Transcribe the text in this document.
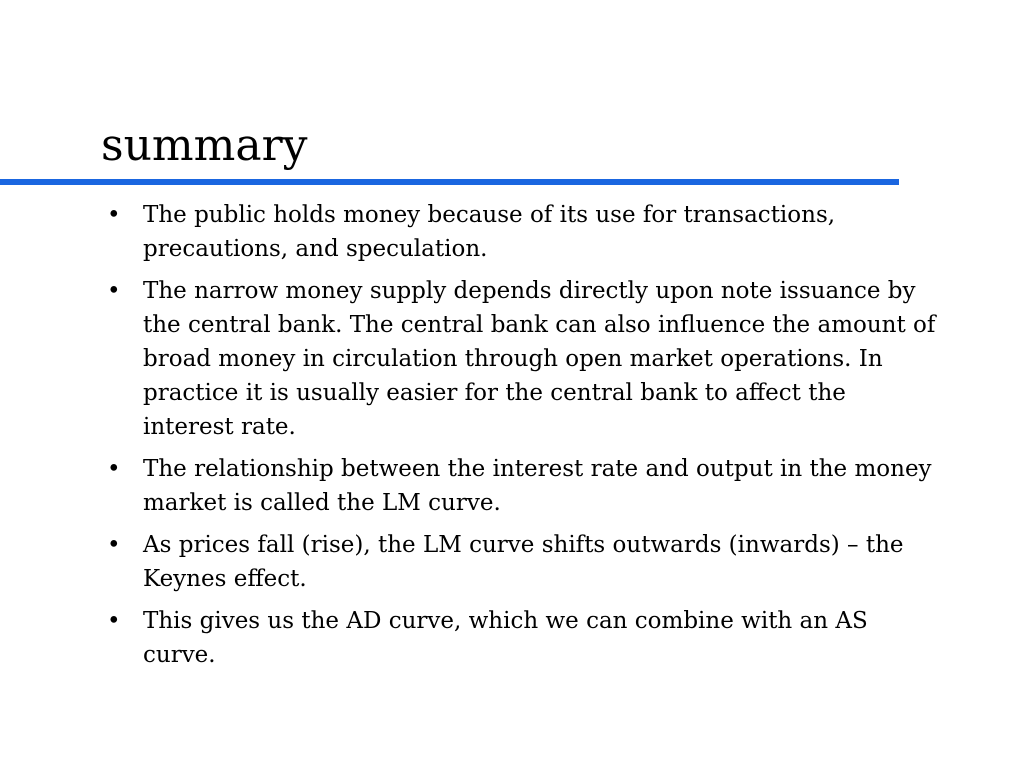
summary
• The public holds money because of its use for transactions, precautions, and speculation.
• The narrow money supply depends directly upon note issuance by the central bank. The central bank can also influence the amount of broad money in circulation through open market operations. In practice it is usually easier for the central bank to affect the interest rate.
• The relationship between the interest rate and output in the money market is called the LM curve.
• As prices fall (rise), the LM curve shifts outwards (inwards) – the Keynes effect.
• This gives us the AD curve, which we can combine with an AS curve.
